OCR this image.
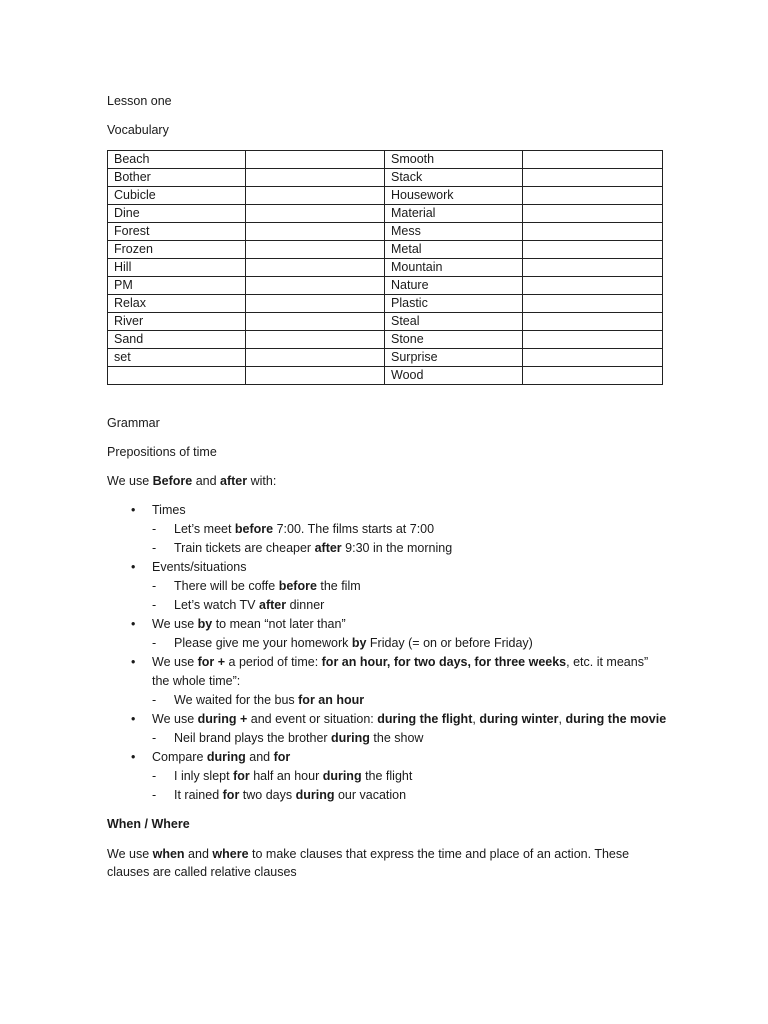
Lesson one
Vocabulary
Beach		Smooth	
Bother		Stack	
Cubicle		Housework	
Dine		Material	
Forest		Mess	
Frozen		Metal	
Hill		Mountain	
PM		Nature	
Relax		Plastic	
River		Steal	
Sand		Stone	
set		Surprise	
		Wood	
Grammar
Prepositions of time
We use Before and after with:
• Times
- Let’s meet before 7:00. The films starts at 7:00
- Train tickets are cheaper after 9:30 in the morning
• Events/situations
- There will be coffe before the film
- Let’s watch TV after dinner
• We use by to mean “not later than”
- Please give me your homework by Friday (= on or before Friday)
• We use for + a period of time: for an hour, for two days, for three weeks, etc. it means”
the whole time”:
- We waited for the bus for an hour
• We use during + and event or situation: during the flight, during winter, during the movie
- Neil brand plays the brother during the show
• Compare during and for
- I inly slept for half an hour during the flight
- It rained for two days during our vacation
When / Where
We use when and where to make clauses that express the time and place of an action. These
clauses are called relative clauses
